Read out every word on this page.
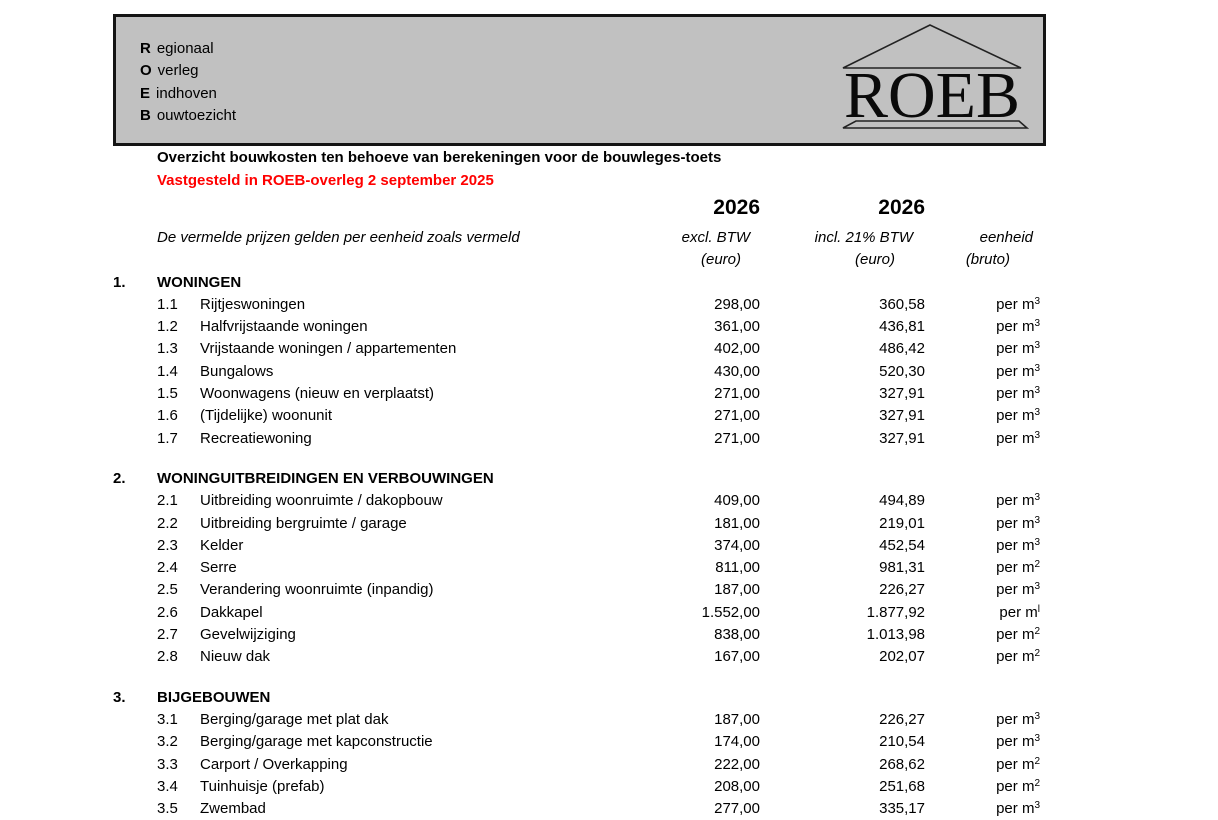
R egionaal
O verleg
E indhoven
B ouwtoezicht	ROEB
Overzicht bouwkosten ten behoeve van berekeningen voor de bouwleges-toets
Vastgesteld in ROEB-overleg 2 september 2025
2026	2026
De vermelde prijzen gelden per eenheid zoals vermeld	excl. BTW	incl. 21% BTW	eenheid
(euro)	(euro)	(bruto)
1.	WONINGEN
1.1	Rijtjeswoningen	298,00	360,58	per $m^3$
1.2	Halfvrijstaande woningen	361,00	436,81	per $m^3$
1.3	Vrijstaande woningen / appartementen	402,00	486,42	per $m^3$
1.4	Bungalows	430,00	520,30	per $m^3$
1.5	Woonwagens (nieuw en verplaatst)	271,00	327,91	per $m^3$
1.6	(Tijdelijke) woonunit	271,00	327,91	per $m^3$
1.7	Recreatiewoning	271,00	327,91	per $m^3$
2.	WONINGUITBREIDINGEN EN VERBOUWINGEN
2.1	Uitbreiding woonruimte / dakopbouw	409,00	494,89	per $m^3$
2.2	Uitbreiding bergruimte / garage	181,00	219,01	per $m^3$
2.3	Kelder	374,00	452,54	per $m^3$
2.4	Serre	811,00	981,31	per $m^2$
2.5	Verandering woonruimte (inpandig)	187,00	226,27	per $m^3$
2.6	Dakkapel	1.552,00	1.877,92	per $m^l$
2.7	Gevelwijziging	838,00	1.013,98	per $m^2$
2.8	Nieuw dak	167,00	202,07	per $m^2$
3.	BIJGEBOUWEN
3.1	Berging/garage met plat dak	187,00	226,27	per $m^3$
3.2	Berging/garage met kapconstructie	174,00	210,54	per $m^3$
3.3	Carport / Overkapping	222,00	268,62	per $m^2$
3.4	Tuinhuisje (prefab)	208,00	251,68	per $m^2$
3.5	Zwembad	277,00	335,17	per $m^3$
